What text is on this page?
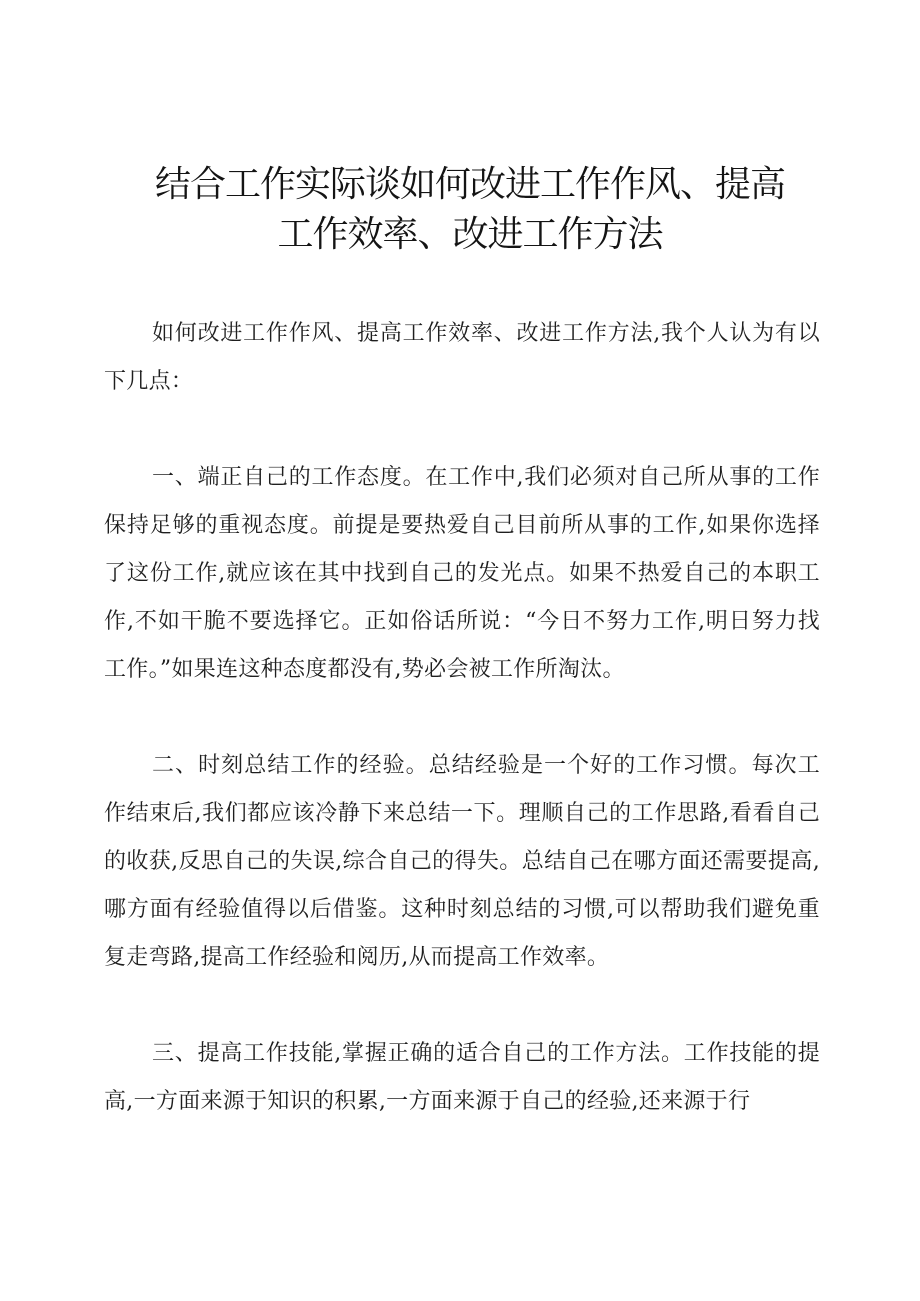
结合工作实际谈如何改进工作作风、提高
工作效率、改进工作方法

如何改进工作作风、提高工作效率、改进工作方法,我个人认为有以下几点：

一、端正自己的工作态度。在工作中,我们必须对自己所从事的工作保持足够的重视态度。前提是要热爱自己目前所从事的工作,如果你选择了这份工作,就应该在其中找到自己的发光点。如果不热爱自己的本职工作,不如干脆不要选择它。正如俗话所说：“今日不努力工作,明日努力找工作。”如果连这种态度都没有,势必会被工作所淘汰。

二、时刻总结工作的经验。总结经验是一个好的工作习惯。每次工作结束后,我们都应该冷静下来总结一下。理顺自己的工作思路,看看自己的收获,反思自己的失误,综合自己的得失。总结自己在哪方面还需要提高,哪方面有经验值得以后借鉴。这种时刻总结的习惯,可以帮助我们避免重复走弯路,提高工作经验和阅历,从而提高工作效率。

三、提高工作技能,掌握正确的适合自己的工作方法。工作技能的提高,一方面来源于知识的积累,一方面来源于自己的经验,还来源于行
